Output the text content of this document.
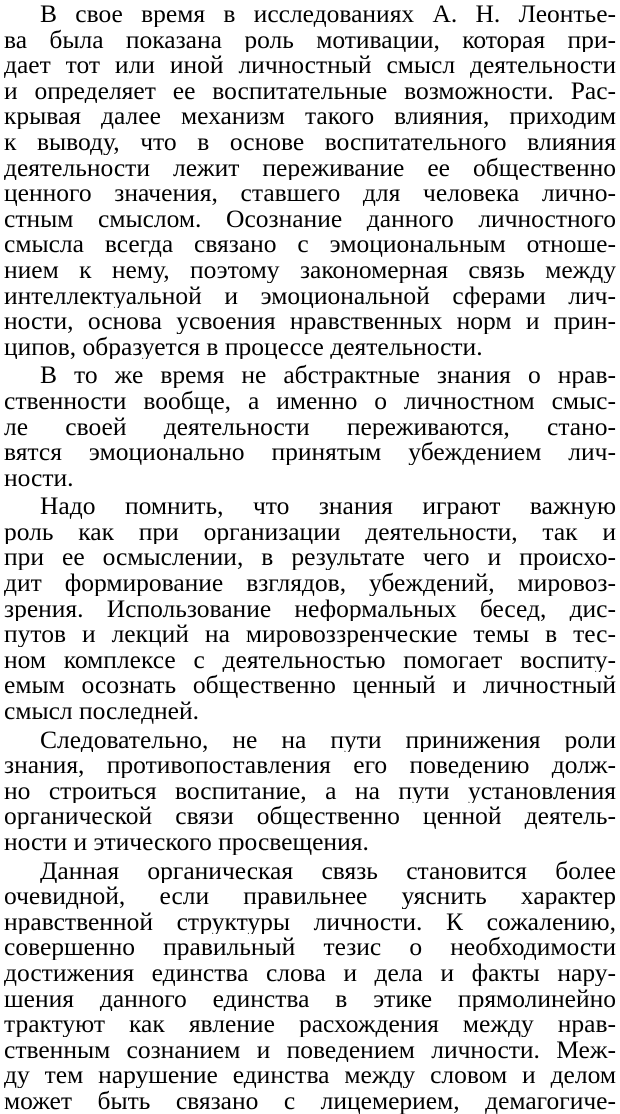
В свое время в исследованиях А. Н. Леонтье-
ва была показана роль мотивации, которая при-
дает тот или иной личностный смысл деятельности
и определяет ее воспитательные возможности. Рас-
крывая далее механизм такого влияния, приходим
к выводу, что в основе воспитательного влияния
деятельности лежит переживание ее общественно
ценного значения, ставшего для человека лично-
стным смыслом. Осознание данного личностного
смысла всегда связано с эмоциональным отноше-
нием к нему, поэтому закономерная связь между
интеллектуальной и эмоциональной сферами лич-
ности, основа усвоения нравственных норм и прин-
ципов, образуется в процессе деятельности.
В то же время не абстрактные знания о нрав-
ственности вообще, а именно о личностном смыс-
ле своей деятельности переживаются, стано-
вятся эмоционально принятым убеждением лич-
ности.
Надо помнить, что знания играют важную
роль как при организации деятельности, так и
при ее осмыслении, в результате чего и происхо-
дит формирование взглядов, убеждений, мировоз-
зрения. Использование неформальных бесед, дис-
путов и лекций на мировоззренческие темы в тес-
ном комплексе с деятельностью помогает воспиту-
емым осознать общественно ценный и личностный
смысл последней.
Следовательно, не на пути принижения роли
знания, противопоставления его поведению долж-
но строиться воспитание, а на пути установления
органической связи общественно ценной деятель-
ности и этического просвещения.
Данная органическая связь становится более
очевидной, если правильнее уяснить характер
нравственной структуры личности. К сожалению,
совершенно правильный тезис о необходимости
достижения единства слова и дела и факты нару-
шения данного единства в этике прямолинейно
трактуют как явление расхождения между нрав-
ственным сознанием и поведением личности. Меж-
ду тем нарушение единства между словом и делом
может быть связано с лицемерием, демагогиче-
